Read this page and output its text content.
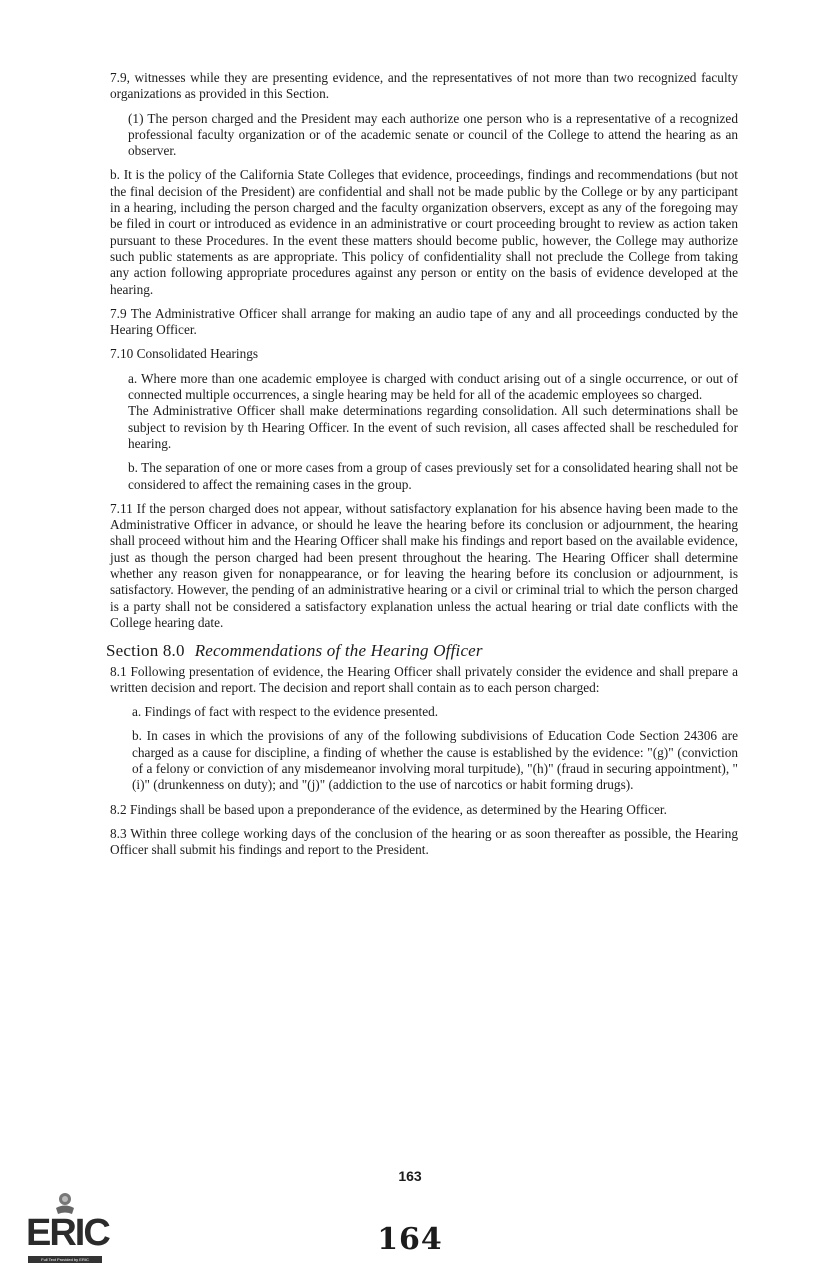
7.9, witnesses while they are presenting evidence, and the representatives of not more than two recognized faculty organizations as provided in this Section.

(1) The person charged and the President may each authorize one person who is a representative of a recognized professional faculty organization or of the academic senate or council of the College to attend the hearing as an observer.

b. It is the policy of the California State Colleges that evidence, proceedings, findings and recommendations (but not the final decision of the President) are confidential and shall not be made public by the College or by any participant in a hearing, including the person charged and the faculty organization observers, except as any of the foregoing may be filed in court or introduced as evidence in an administrative or court proceeding brought to review as action taken pursuant to these Procedures. In the event these matters should become public, however, the College may authorize such public statements as are appropriate. This policy of confidentiality shall not preclude the College from taking any action following appropriate procedures against any person or entity on the basis of evidence developed at the hearing.

7.9 The Administrative Officer shall arrange for making an audio tape of any and all proceedings conducted by the Hearing Officer.

7.10 Consolidated Hearings

a. Where more than one academic employee is charged with conduct arising out of a single occurrence, or out of connected multiple occurrences, a single hearing may be held for all of the academic employees so charged.

The Administrative Officer shall make determinations regarding consolidation. All such determinations shall be subject to revision by th Hearing Officer. In the event of such revision, all cases affected shall be rescheduled for hearing.

b. The separation of one or more cases from a group of cases previously set for a consolidated hearing shall not be considered to affect the remaining cases in the group.

7.11 If the person charged does not appear, without satisfactory explanation for his absence having been made to the Administrative Officer in advance, or should he leave the hearing before its conclusion or adjournment, the hearing shall proceed without him and the Hearing Officer shall make his findings and report based on the available evidence, just as though the person charged had been present throughout the hearing. The Hearing Officer shall determine whether any reason given for nonappearance, or for leaving the hearing before its conclusion or adjournment, is satisfactory. However, the pending of an administrative hearing or a civil or criminal trial to which the person charged is a party shall not be considered a satisfactory explanation unless the actual hearing or trial date conflicts with the College hearing date.

Section 8.0 Recommendations of the Hearing Officer

8.1 Following presentation of evidence, the Hearing Officer shall privately consider the evidence and shall prepare a written decision and report. The decision and report shall contain as to each person charged:

a. Findings of fact with respect to the evidence presented.

b. In cases in which the provisions of any of the following subdivisions of Education Code Section 24306 are charged as a cause for discipline, a finding of whether the cause is established by the evidence: "(g)" (conviction of a felony or conviction of any misdemeanor involving moral turpitude), "(h)" (fraud in securing appointment), "(i)" (drunkenness on duty); and "(j)" (addiction to the use of narcotics or habit forming drugs).

8.2 Findings shall be based upon a preponderance of the evidence, as determined by the Hearing Officer.

8.3 Within three college working days of the conclusion of the hearing or as soon thereafter as possible, the Hearing Officer shall submit his findings and report to the President.

163
164
ERIC
Full Text Provided by ERIC
